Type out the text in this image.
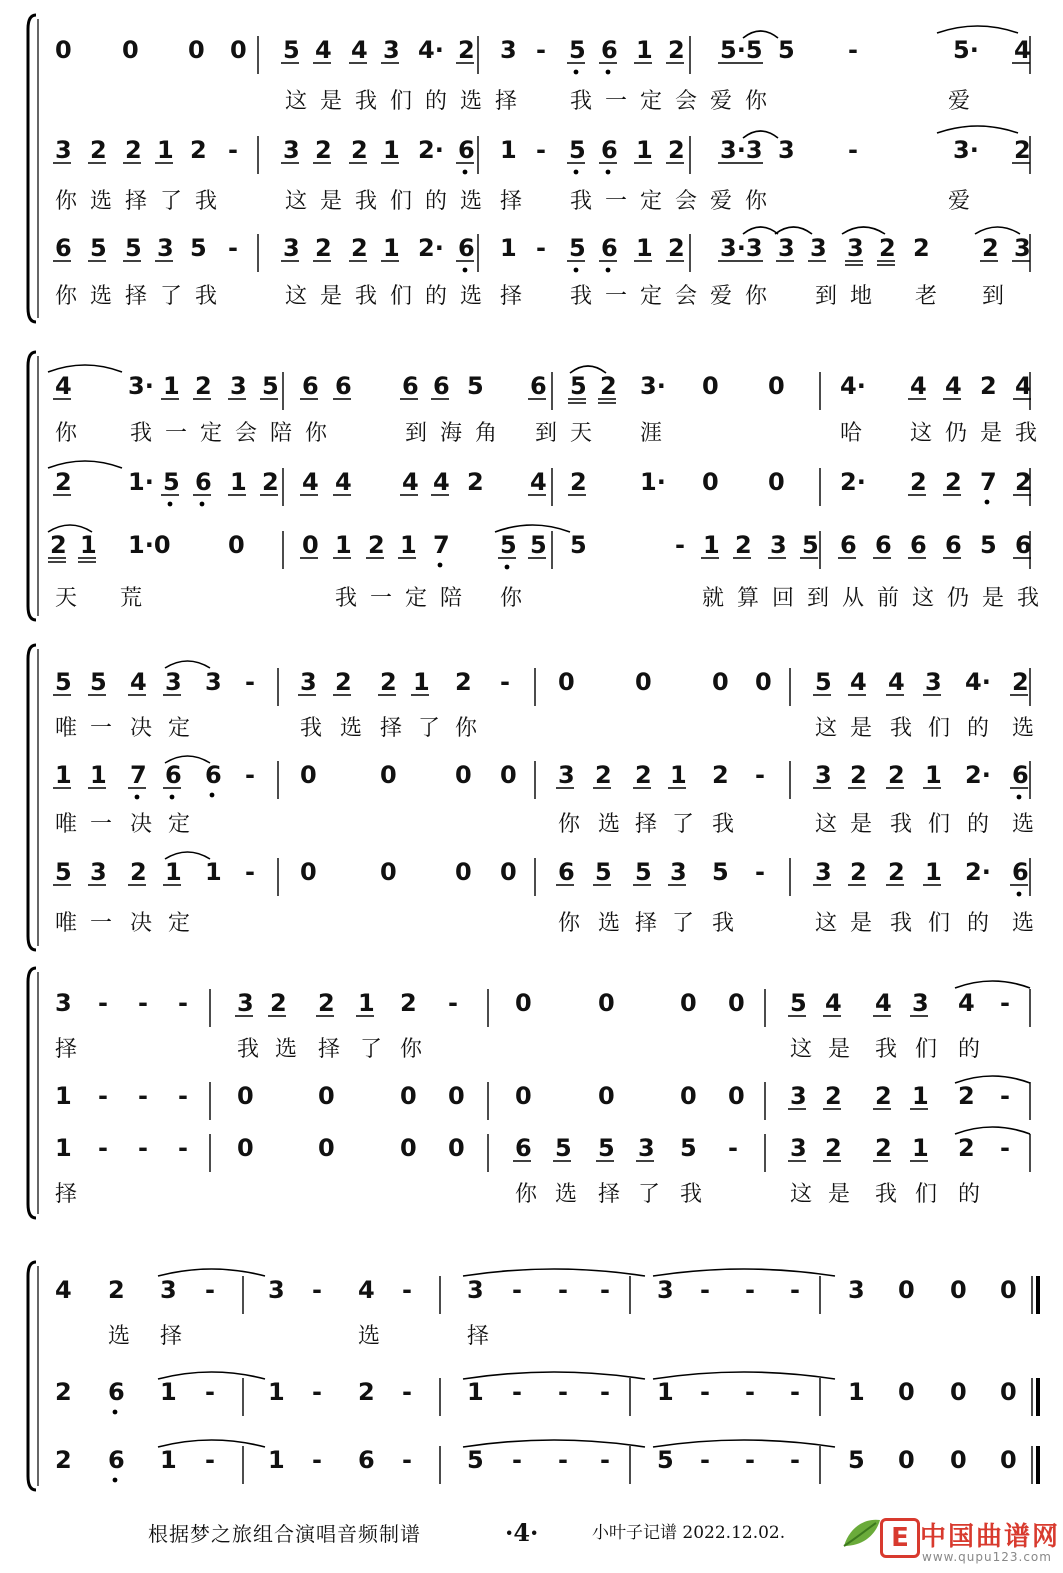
0 0 0 0 5 4 4 3 4· 2 3 - 5 6 1 2 5·5 5 -	5· 4
这 是 我 们 的 选 择 我 一 定 会 爱 你	爱
3 2 2 1 2 - 3 2 2 1 2· 6 1 - 5 6 1 2 3·3 3 -	3· 2
你 选 择 了 我	这 是 我 们 的 选 择 我 一 定 会 爱 你	爱
6 5 5 3 5 - 3 2 2 1 2· 6 1 - 5 6 1 2 3·3 3 3 3 2 2 2 3
你 选 择 了 我	这 是 我 们 的 选 择 我 一 定 会 爱 你 到 地 老 到
4 3· 1 2 3 5 6 6 6 6 5 6 5 2 3· 0 0 4· 4 4 2 4
你 我 一 定 会 陪 你	到 海 角 到 天 涯	哈 这 仍 是 我
2 1· 5 6 1 2 4 4 4 4 2 4 2 1· 0 0 2· 2 2 7 2
2 1 1·0 0 0 1 2 1 7 5 5 5	- 1 2 3 5 6 6 6 6 5 6
天 荒	我 一 定 陪 你	就 算 回 到 从 前 这 仍 是 我
5 5 4 3 3 - 3 2 2 1 2 - 0	0	0 0 5 4 4 3 4· 2
唯 一 决 定	我 选 择 了 你	这 是 我 们 的 选
1 1 7 6 6 - 0	0 0 0 3 2 2 1 2 - 3 2 2 1 2· 6
唯 一 决 定	你 选 择 了 我	这 是 我 们 的 选
5 3 2 1 1 - 0	0 0 0 6 5 5 3 5 - 3 2 2 1 2· 6
唯 一 决 定	你 选 择 了 我	这 是 我 们 的 选
3 - - - 3 2 2 1 2 - 0	0	0 0 5 4 4 3 4 -
择	我 选 择 了 你	这 是 我 们 的
1 - - - 0	0	0 0 0	0	0 0 3 2 2 1 2 -
1 - - - 0	0	0 0 6 5 5 3 5 - 3 2 2 1 2 -
择	你 选 择 了 我	这 是 我 们 的
4 2 3 - 3 - 4 - 3 - - - 3 - - - 3 0 0 0
选 择	选	择
2 6 1 - 1 - 2 - 1 - - - 1 - - - 1 0 0 0
2 6 1 - 1 - 6 - 5 - - - 5 - - - 5 0 0 0
根据梦之旅组合演唱音频制谱	·4·	小叶子记谱 2022.12.02.	E 中国曲谱网
www.qupu123.com
